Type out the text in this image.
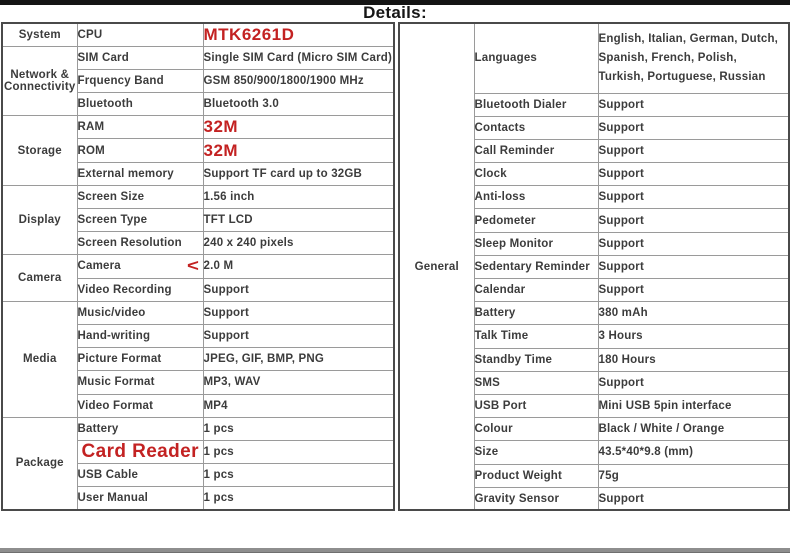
Details:
System	CPU	MTK6261D
Network & Connectivity	SIM Card	Single SIM Card (Micro SIM Card)
	Frquency Band	GSM 850/900/1800/1900 MHz
	Bluetooth	Bluetooth 3.0
Storage	RAM	32M
	ROM	32M
	External memory	Support TF card up to 32GB
Display	Screen Size	1.56 inch
	Screen Type	TFT LCD
	Screen Resolution	240 x 240 pixels
Camera	Camera	< 2.0 M
	Video Recording	Support
Media	Music/video	Support
	Hand-writing	Support
	Picture Format	JPEG, GIF, BMP, PNG
	Music Format	MP3, WAV
	Video Format	MP4
Package	Battery	1 pcs
	Card Reader	1 pcs
	USB Cable	1 pcs
	User Manual	1 pcs
General	Languages	English, Italian, German, Dutch, Spanish, French, Polish, Turkish, Portuguese, Russian
	Bluetooth Dialer	Support
	Contacts	Support
	Call Reminder	Support
	Clock	Support
	Anti-loss	Support
	Pedometer	Support
	Sleep Monitor	Support
	Sedentary Reminder	Support
	Calendar	Support
	Battery	380 mAh
	Talk Time	3 Hours
	Standby Time	180 Hours
	SMS	Support
	USB Port	Mini USB 5pin interface
	Colour	Black / White / Orange
	Size	43.5*40*9.8 (mm)
	Product Weight	75g
	Gravity Sensor	Support
